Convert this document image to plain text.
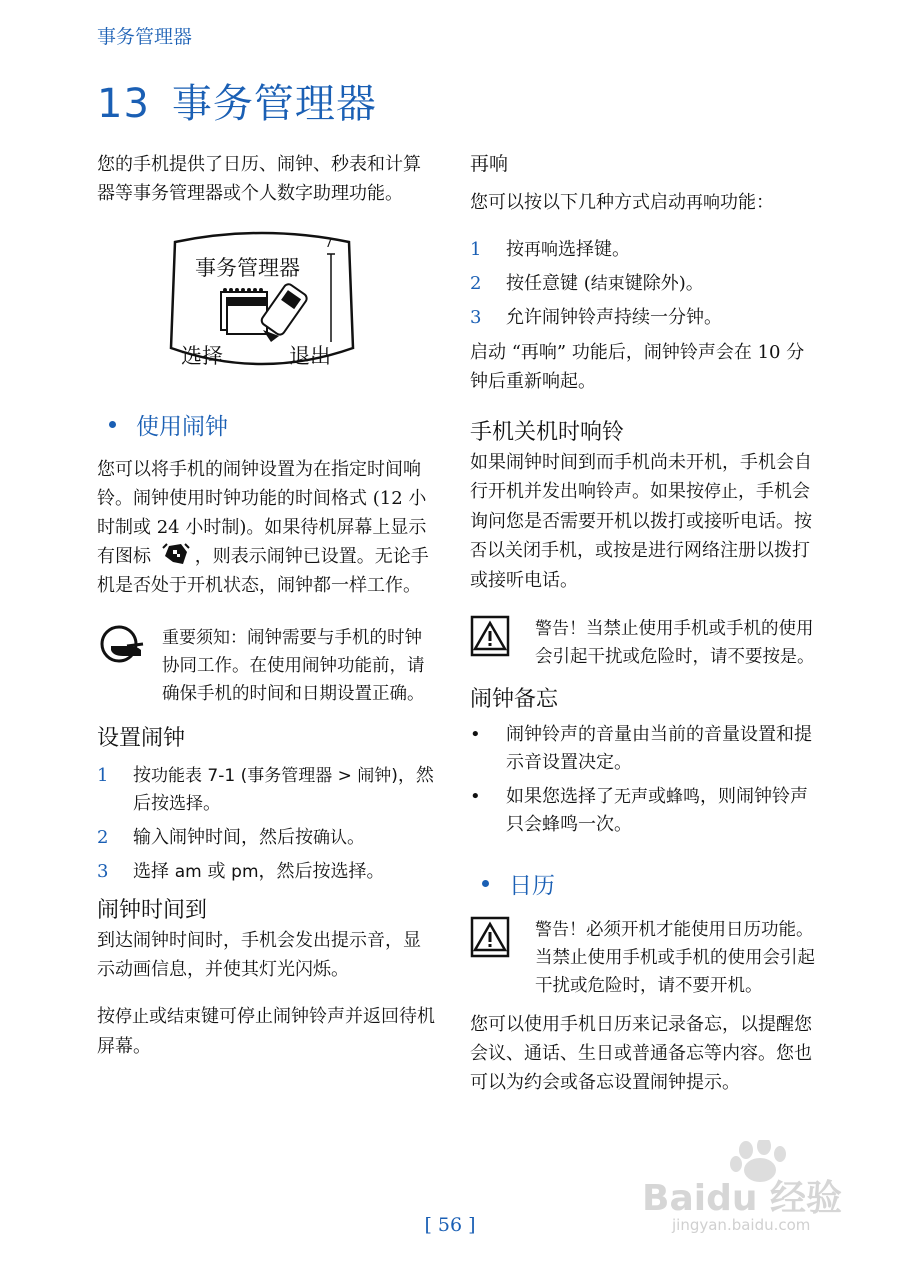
事务管理器
13 事务管理器

您的手机提供了日历、闹钟、秒表和计算器等事务管理器或个人数字助理功能。

事务管理器
7
选择	退出
使用闹钟

您可以将手机的闹钟设置为在指定时间响铃。闹钟使用时钟功能的时间格式 (12 小时制或 24 小时制)。如果待机屏幕上显示有图标 ，则表示闹钟已设置。无论手机是否处于开机状态，闹钟都一样工作。

重要须知：闹钟需要与手机的时钟协同工作。在使用闹钟功能前，请确保手机的时间和日期设置正确。

设置闹钟
1	按功能表 7-1 (事务管理器 > 闹钟)，然后按选择。
2	输入闹钟时间，然后按确认。
3	选择 am 或 pm，然后按选择。
闹钟时间到

到达闹钟时间时，手机会发出提示音，显示动画信息，并使其灯光闪烁。

按停止或结束键可停止闹钟铃声并返回待机屏幕。

再响

您可以按以下几种方式启动再响功能：

1	按再响选择键。
2	按任意键 (结束键除外)。
3	允许闹钟铃声持续一分钟。

启动 “再响” 功能后，闹钟铃声会在 10 分钟后重新响起。

手机关机时响铃

如果闹钟时间到而手机尚未开机，手机会自行开机并发出响铃声。如果按停止，手机会询问您是否需要开机以拨打或接听电话。按否以关闭手机，或按是进行网络注册以拨打或接听电话。

警告！当禁止使用手机或手机的使用会引起干扰或危险时，请不要按是。

闹钟备忘
•	闹钟铃声的音量由当前的音量设置和提示音设置决定。
•	如果您选择了无声或蜂鸣，则闹钟铃声只会蜂鸣一次。
日历

警告！必须开机才能使用日历功能。当禁止使用手机或手机的使用会引起干扰或危险时，请不要开机。

您可以使用手机日历来记录备忘，以提醒您会议、通话、生日或普通备忘等内容。您也可以为约会或备忘设置闹钟提示。

[ 56 ]
Baidu 经验
jingyan.baidu.com
